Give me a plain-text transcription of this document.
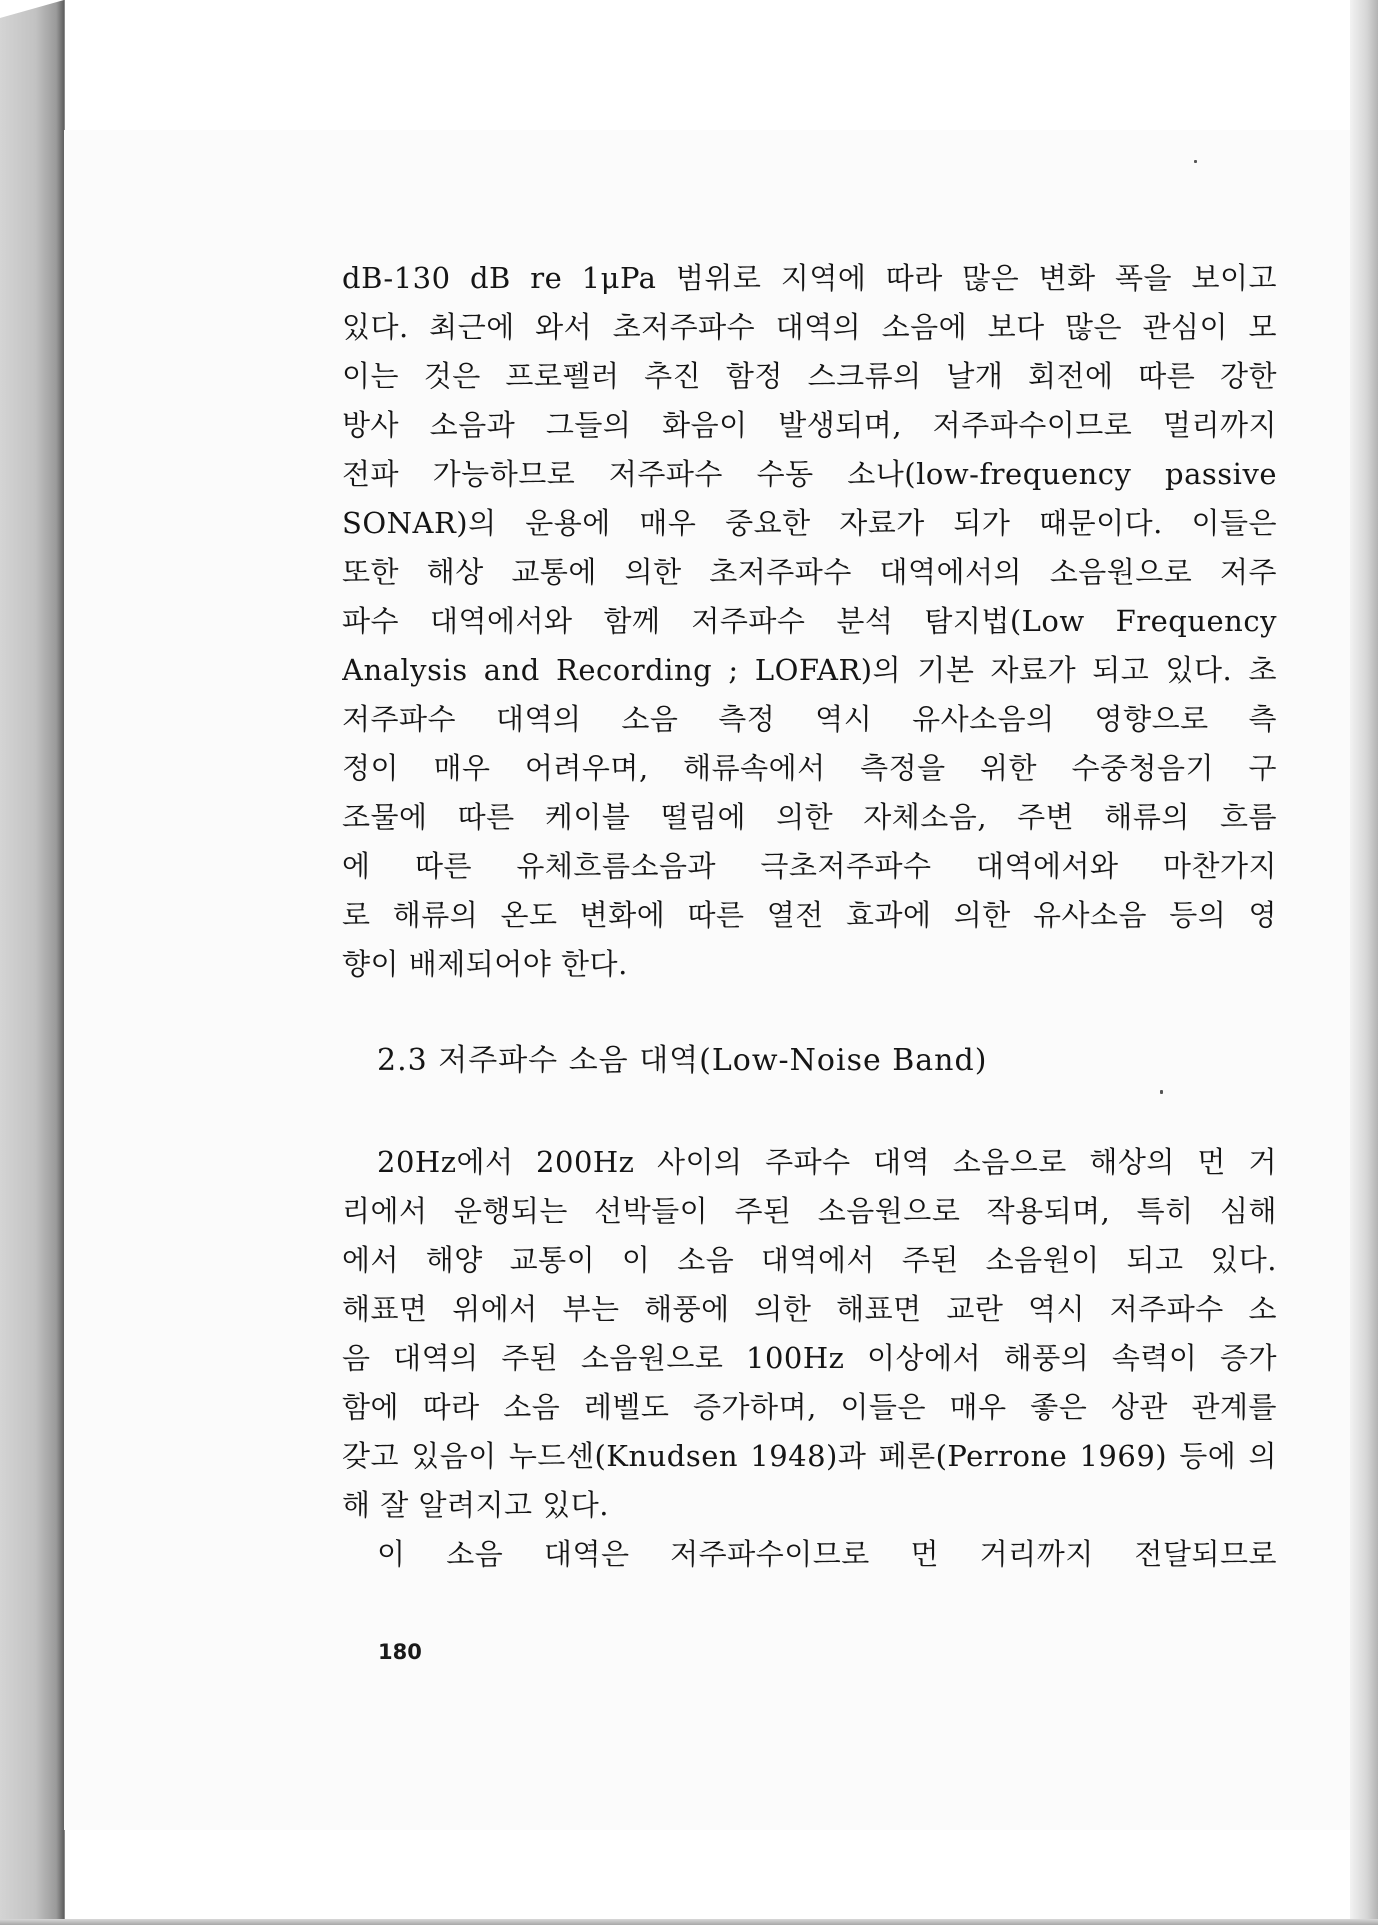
dB-130 dB re 1μPa 범위로 지역에 따라 많은 변화 폭을 보이고
있다. 최근에 와서 초저주파수 대역의 소음에 보다 많은 관심이 모
이는 것은 프로펠러 추진 함정 스크류의 날개 회전에 따른 강한
방사 소음과 그들의 화음이 발생되며, 저주파수이므로 멀리까지
전파 가능하므로 저주파수 수동 소나(low-frequency passive
SONAR)의 운용에 매우 중요한 자료가 되가 때문이다. 이들은
또한 해상 교통에 의한 초저주파수 대역에서의 소음원으로 저주
파수 대역에서와 함께 저주파수 분석 탐지법(Low Frequency
Analysis and Recording ; LOFAR)의 기본 자료가 되고 있다. 초
저주파수 대역의 소음 측정 역시 유사소음의 영향으로 측
정이 매우 어려우며, 해류속에서 측정을 위한 수중청음기 구
조물에 따른 케이블 떨림에 의한 자체소음, 주변 해류의 흐름
에 따른 유체흐름소음과 극초저주파수 대역에서와 마찬가지
로 해류의 온도 변화에 따른 열전 효과에 의한 유사소음 등의 영
향이 배제되어야 한다.
2.3 저주파수 소음 대역(Low-Noise Band)
20Hz에서 200Hz 사이의 주파수 대역 소음으로 해상의 먼 거
리에서 운행되는 선박들이 주된 소음원으로 작용되며, 특히 심해
에서 해양 교통이 이 소음 대역에서 주된 소음원이 되고 있다.
해표면 위에서 부는 해풍에 의한 해표면 교란 역시 저주파수 소
음 대역의 주된 소음원으로 100Hz 이상에서 해풍의 속력이 증가
함에 따라 소음 레벨도 증가하며, 이들은 매우 좋은 상관 관계를
갖고 있음이 누드센(Knudsen 1948)과 페론(Perrone 1969) 등에 의
해 잘 알려지고 있다.
이 소음 대역은 저주파수이므로 먼 거리까지 전달되므로
180
